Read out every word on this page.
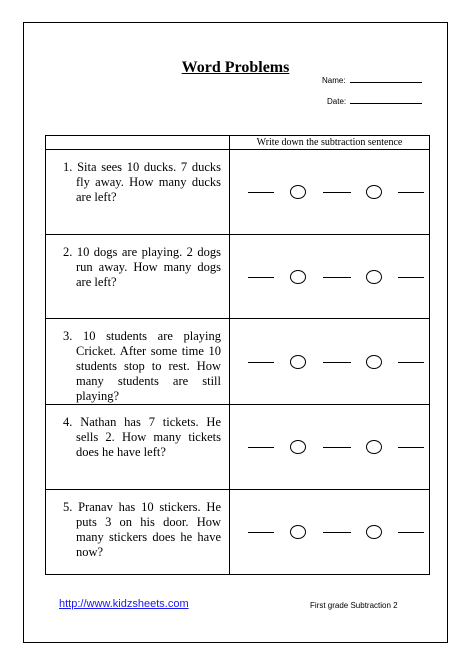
Word Problems
Name:
Date:
	Write down the subtraction sentence

1. Sita sees 10 ducks. 7 ducks fly away. How many ducks are left?	

2. 10 dogs are playing. 2 dogs run away. How many dogs are left?	

3. 10 students are playing Cricket. After some time 10 students stop to rest. How many students are still playing?	

4. Nathan has 7 tickets. He sells 2. How many tickets does he have left?	

5. Pranav has 10 stickers. He puts 3 on his door. How many stickers does he have now?	

http://www.kidzsheets.com	First grade Subtraction 2
